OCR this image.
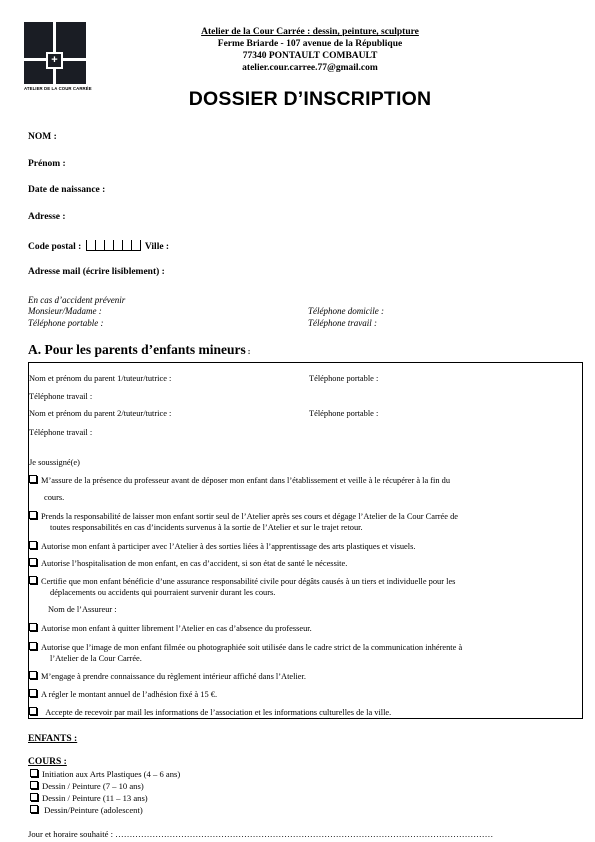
+
ATELIER DE LA COUR CARRÉE
Atelier de la Cour Carrée : dessin, peinture, sculpture
Ferme Briarde - 107 avenue de la République
77340 PONTAULT COMBAULT
atelier.cour.carree.77@gmail.com
DOSSIER D’INSCRIPTION
NOM :
Prénom :
Date de naissance :
Adresse :
Code postal :	Ville :
Adresse mail (écrire lisiblement) :
En cas d’accident prévenir
Monsieur/Madame :	Téléphone domicile :
Téléphone portable :	Téléphone travail :
A. Pour les parents d’enfants mineurs :
Nom et prénom du parent 1/tuteur/tutrice :	Téléphone portable :
Téléphone travail :
Nom et prénom du parent 2/tuteur/tutrice :	Téléphone portable :
Téléphone travail :
Je soussigné(e)
M’assure de la présence du professeur avant de déposer mon enfant dans l’établissement et veille à le récupérer à la fin du
cours.
Prends la responsabilité de laisser mon enfant sortir seul de l’Atelier après ses cours et dégage l’Atelier de la Cour Carrée de
toutes responsabilités en cas d’incidents survenus à la sortie de l’Atelier et sur le trajet retour.
Autorise mon enfant à participer avec l’Atelier à des sorties liées à l’apprentissage des arts plastiques et visuels.
Autorise l’hospitalisation de mon enfant, en cas d’accident, si son état de santé le nécessite.
Certifie que mon enfant bénéficie d’une assurance responsabilité civile pour dégâts causés à un tiers et individuelle pour les
déplacements ou accidents qui pourraient survenir durant les cours.
Nom de l’Assureur :
Autorise mon enfant à quitter librement l’Atelier en cas d’absence du professeur.
Autorise que l’image de mon enfant filmée ou photographiée soit utilisée dans le cadre strict de la communication inhérente à
l’Atelier de la Cour Carrée.
M’engage à prendre connaissance du règlement intérieur affiché dans l’Atelier.
A régler le montant annuel de l’adhésion fixé à 15 €.
Accepte de recevoir par mail les informations de l’association et les informations culturelles de la ville.
ENFANTS :
COURS :
Initiation aux Arts Plastiques (4 – 6 ans)
Dessin / Peinture (7 – 10 ans)
Dessin / Peinture (11 – 13 ans)
Dessin/Peinture (adolescent)
Jour et horaire souhaité : ……………………………………………………………………………………………………………………
